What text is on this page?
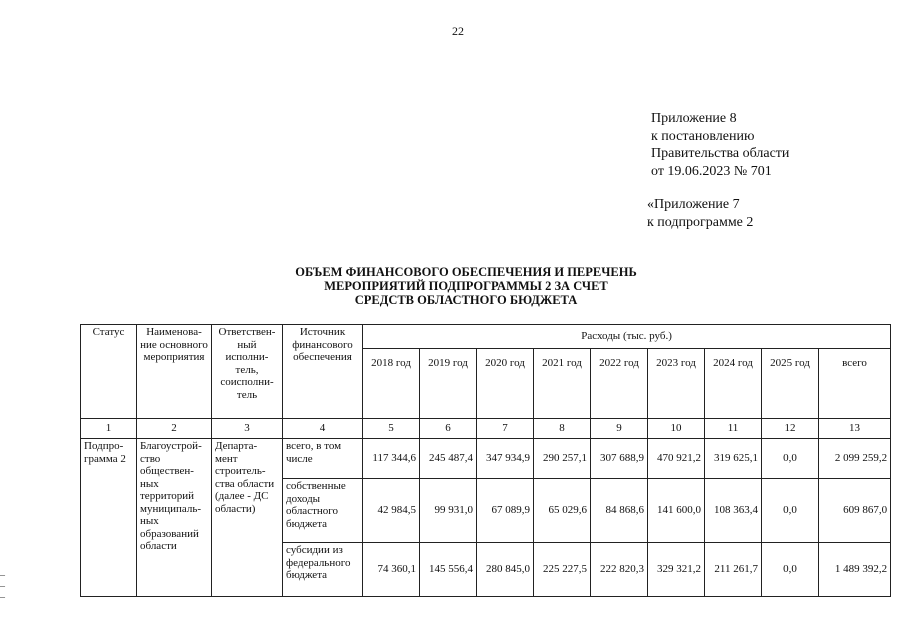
22
Приложение 8
к постановлению
Правительства области
от 19.06.2023 № 701
«Приложение 7
к подпрограмме 2
ОБЪЕМ ФИНАНСОВОГО ОБЕСПЕЧЕНИЯ И ПЕРЕЧЕНЬ
МЕРОПРИЯТИЙ ПОДПРОГРАММЫ 2 ЗА СЧЕТ
СРЕДСТВ ОБЛАСТНОГО БЮДЖЕТА
Статус	Наименова-ние основного мероприятия	Ответствен-ный исполни-тель, соисполни-тель	Источник финансового обеспечения	Расходы (тыс. руб.)								
				2018 год	2019 год	2020 год	2021 год	2022 год	2023 год	2024 год	2025 год	всего
1	2	3	4	5	6	7	8	9	10	11	12	13
Подпро-грамма 2	Благоустрой-ство обществен-ных территорий муниципаль-ных образований области	Департа-мент строитель-ства области (далее - ДС области)	всего, в том числе	117 344,6	245 487,4	347 934,9	290 257,1	307 688,9	470 921,2	319 625,1	0,0	2 099 259,2
			собственные доходы областного бюджета	42 984,5	99 931,0	67 089,9	65 029,6	84 868,6	141 600,0	108 363,4	0,0	609 867,0
			субсидии из федерального бюджета	74 360,1	145 556,4	280 845,0	225 227,5	222 820,3	329 321,2	211 261,7	0,0	1 489 392,2
–
–
–
